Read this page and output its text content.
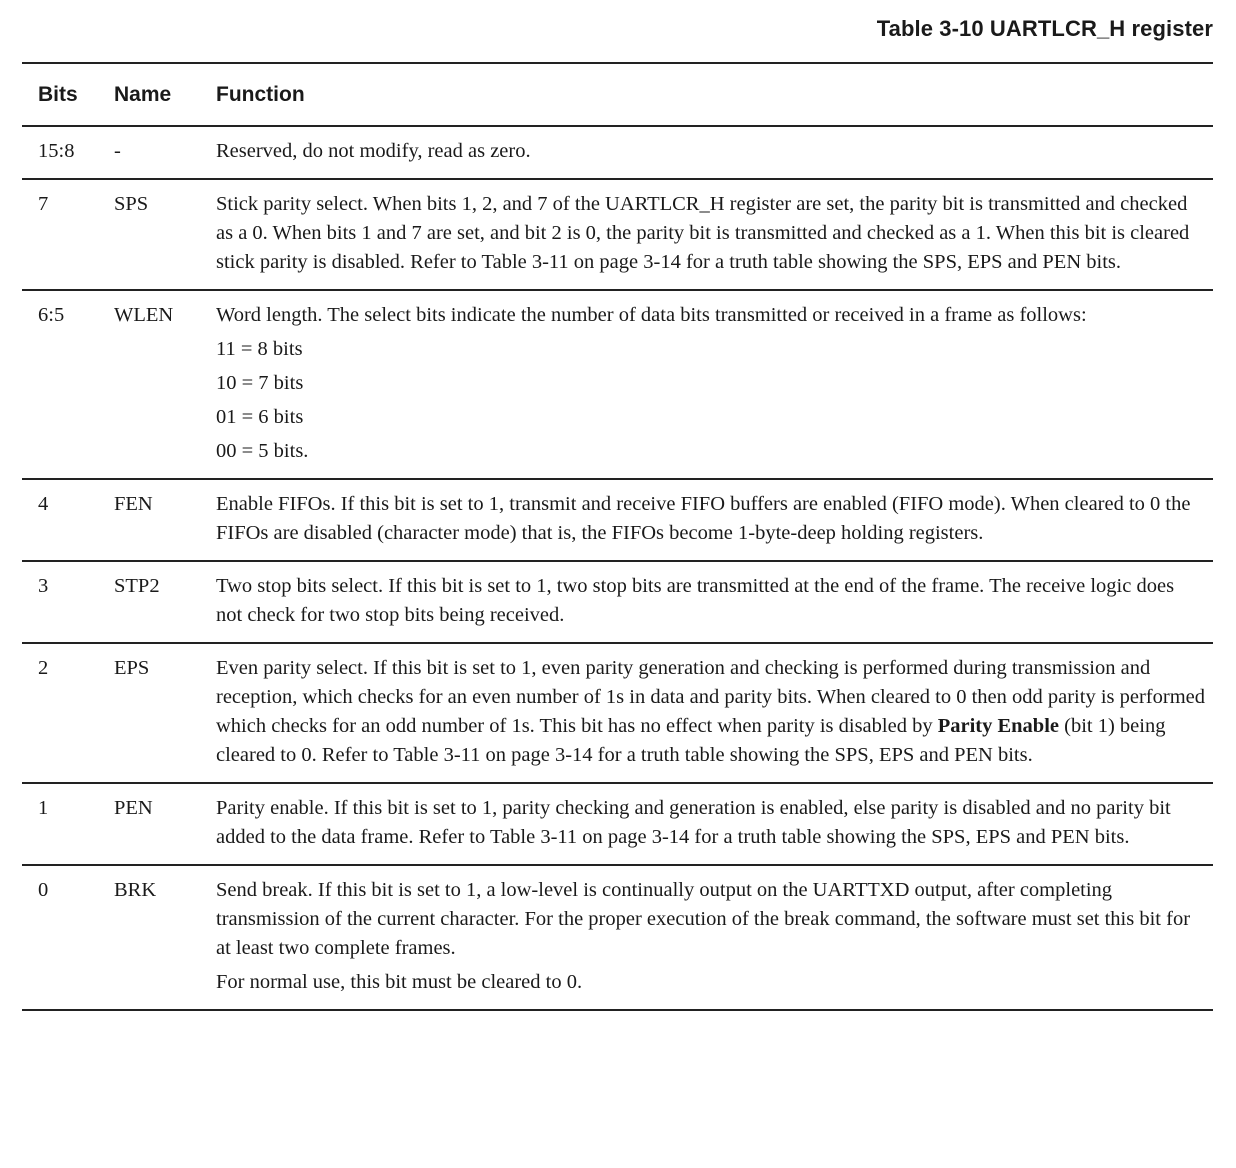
Table 3-10 UARTLCR_H register
Bits	Name	Function
15:8	-	Reserved, do not modify, read as zero.

7	SPS	Stick parity select. When bits 1, 2, and 7 of the UARTLCR_H register are set, the parity bit is transmitted and checked as a 0. When bits 1 and 7 are set, and bit 2 is 0, the parity bit is transmitted and checked as a 1. When this bit is cleared stick parity is disabled. Refer to Table 3-11 on page 3-14 for a truth table showing the SPS, EPS and PEN bits.

6:5	WLEN	Word length. The select bits indicate the number of data bits transmitted or received in a frame as follows:

11 = 8 bits
10 = 7 bits
01 = 6 bits
00 = 5 bits.
4	FEN	Enable FIFOs. If this bit is set to 1, transmit and receive FIFO buffers are enabled (FIFO mode). When cleared to 0 the FIFOs are disabled (character mode) that is, the FIFOs become 1-byte-deep holding registers.

3	STP2	Two stop bits select. If this bit is set to 1, two stop bits are transmitted at the end of the frame. The receive logic does not check for two stop bits being received.

2	EPS	Even parity select. If this bit is set to 1, even parity generation and checking is performed during transmission and reception, which checks for an even number of 1s in data and parity bits. When cleared to 0 then odd parity is performed which checks for an odd number of 1s. This bit has no effect when parity is disabled by Parity Enable (bit 1) being cleared to 0. Refer to Table 3-11 on page 3-14 for a truth table showing the SPS, EPS and PEN bits.

1	PEN	Parity enable. If this bit is set to 1, parity checking and generation is enabled, else parity is disabled and no parity bit added to the data frame. Refer to Table 3-11 on page 3-14 for a truth table showing the SPS, EPS and PEN bits.

0	BRK	Send break. If this bit is set to 1, a low-level is continually output on the UARTTXD output, after completing transmission of the current character. For the proper execution of the break command, the software must set this bit for at least two complete frames.

For normal use, this bit must be cleared to 0.
